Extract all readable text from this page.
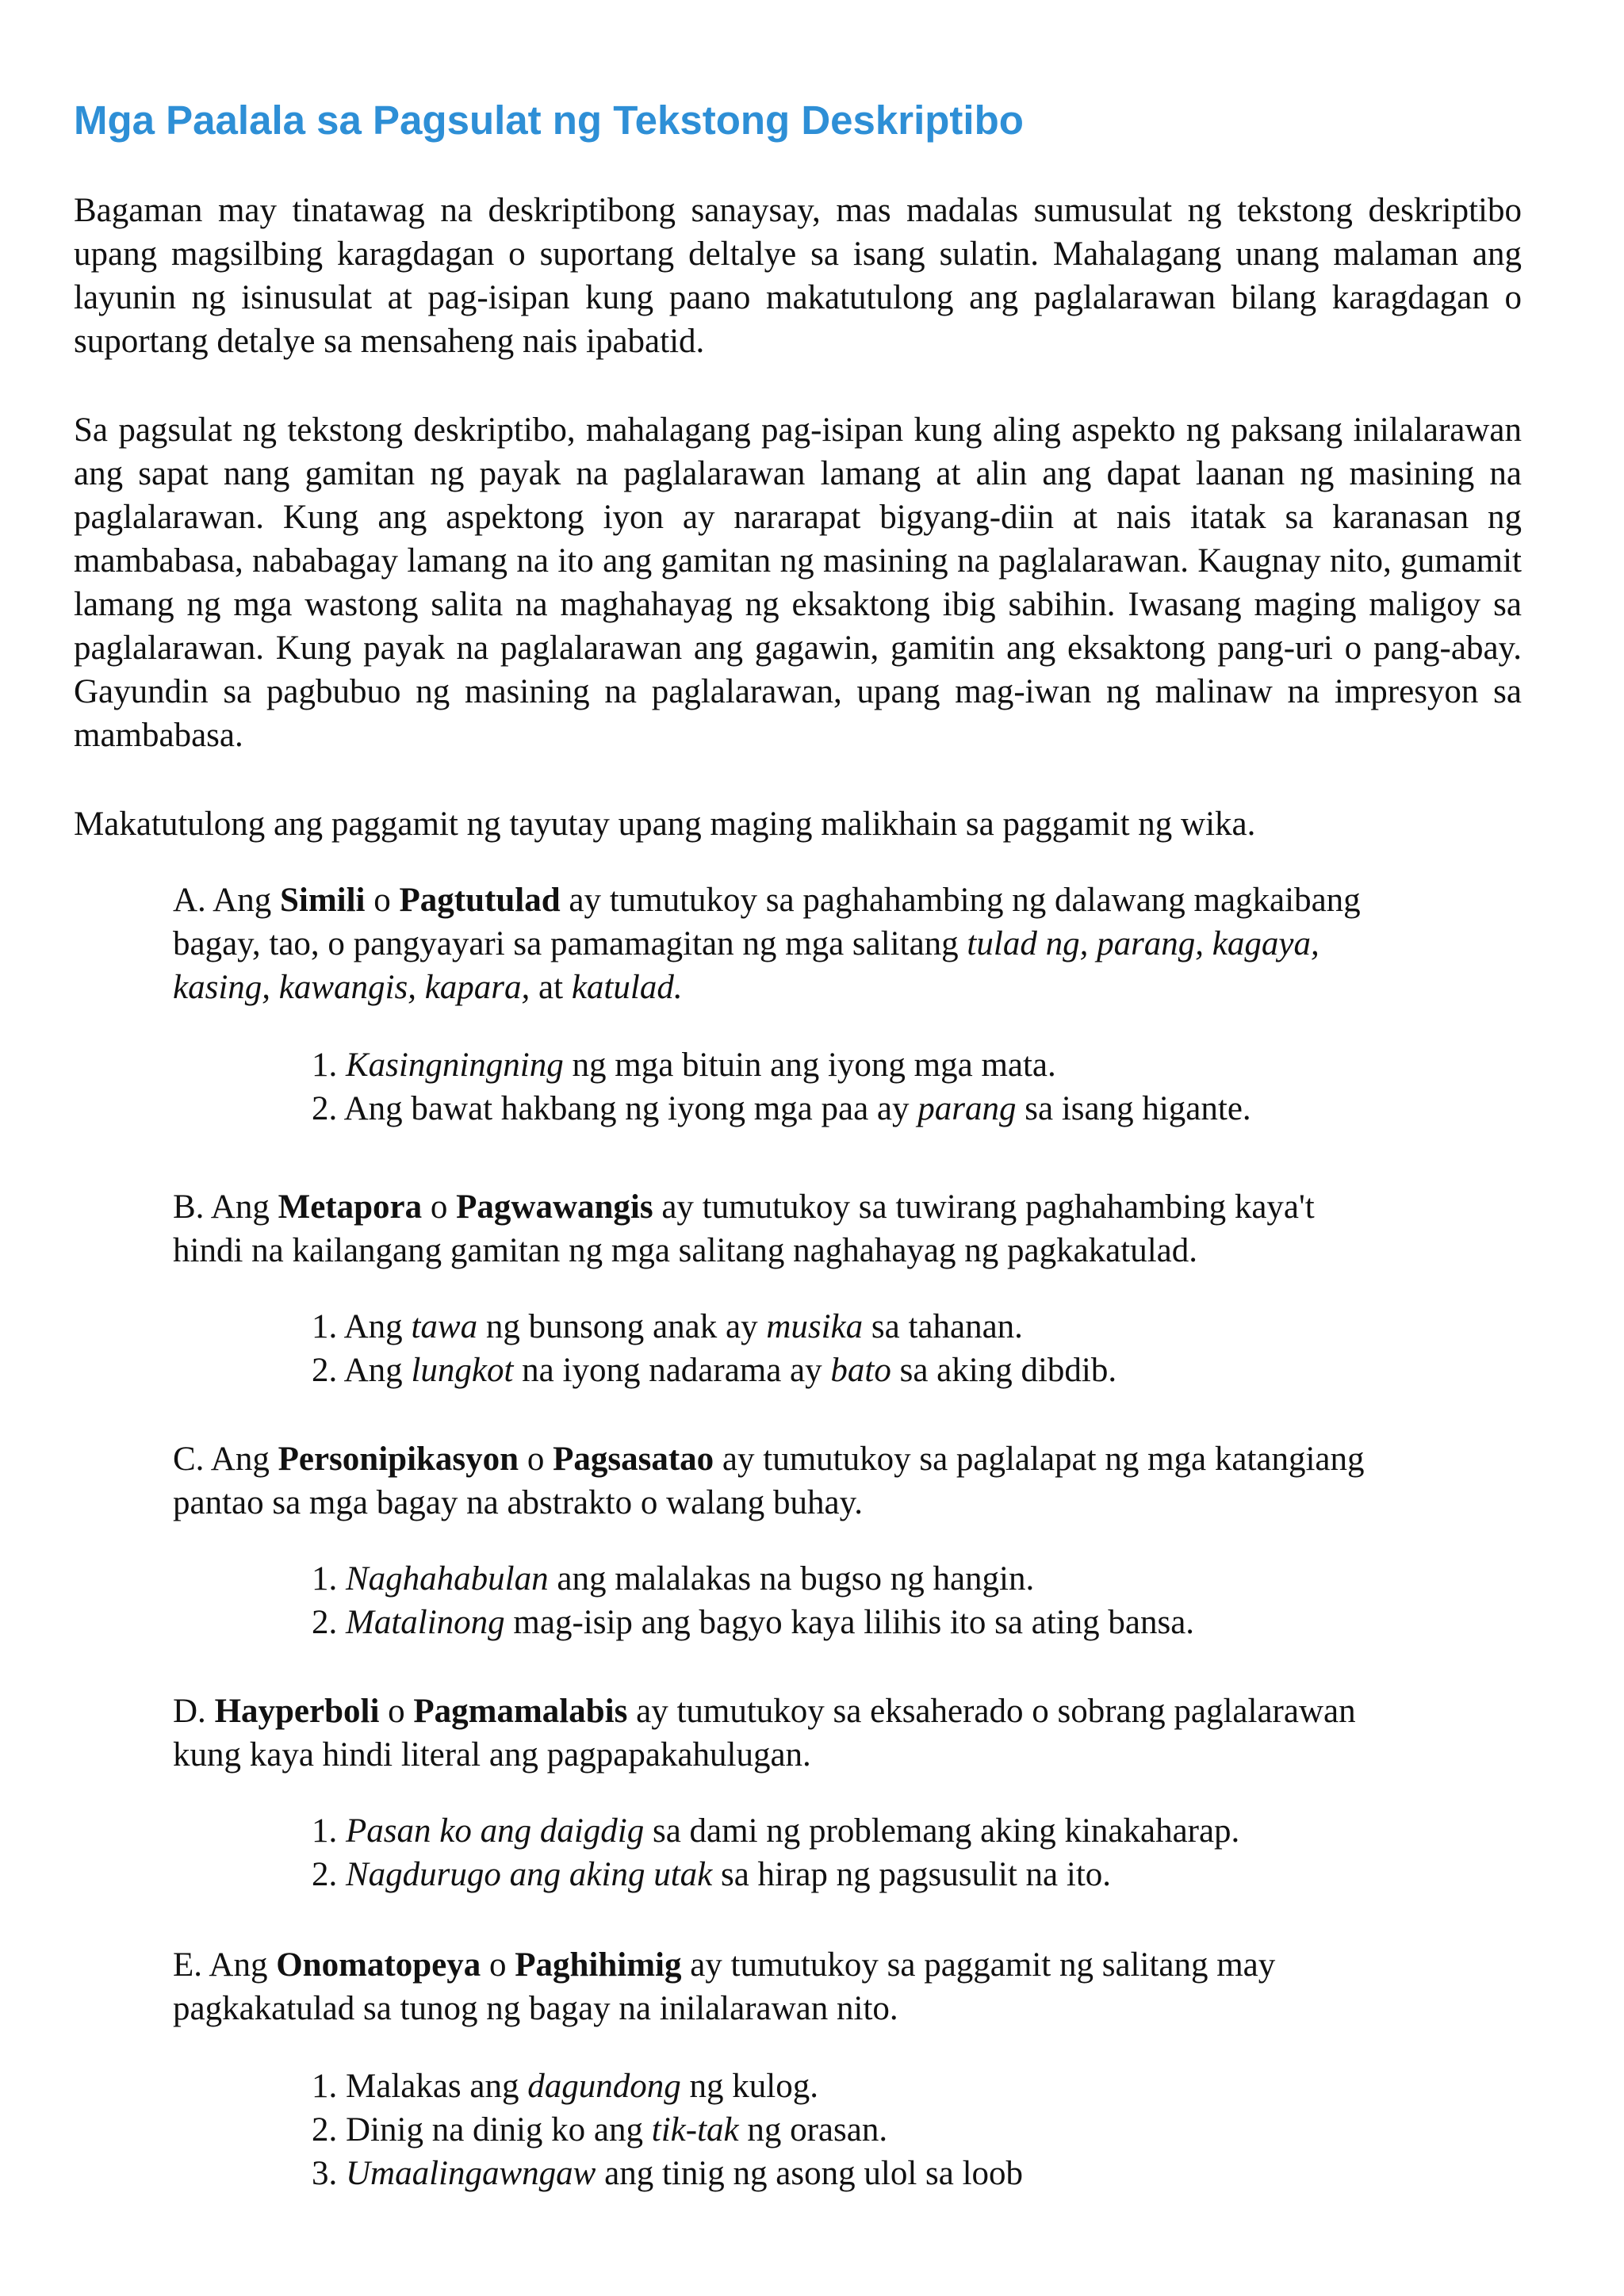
Mga Paalala sa Pagsulat ng Tekstong Deskriptibo

Bagaman may tinatawag na deskriptibong sanaysay, mas madalas sumusulat ng tekstong deskriptibo upang magsilbing karagdagan o suportang deltalye sa isang sulatin. Mahalagang unang malaman ang layunin ng isinusulat at pag-isipan kung paano makatutulong ang paglalarawan bilang karagdagan o suportang detalye sa mensaheng nais ipabatid.

Sa pagsulat ng tekstong deskriptibo, mahalagang pag-isipan kung aling aspekto ng paksang inilalarawan ang sapat nang gamitan ng payak na paglalarawan lamang at alin ang dapat laanan ng masining na paglalarawan. Kung ang aspektong iyon ay nararapat bigyang-diin at nais itatak sa karanasan ng mambabasa, nababagay lamang na ito ang gamitan ng masining na paglalarawan. Kaugnay nito, gumamit lamang ng mga wastong salita na maghahayag ng eksaktong ibig sabihin. Iwasang maging maligoy sa paglalarawan. Kung payak na paglalarawan ang gagawin, gamitin ang eksaktong pang-uri o pang-abay. Gayundin sa pagbubuo ng masining na paglalarawan, upang mag-iwan ng malinaw na impresyon sa mambabasa.

Makatutulong ang paggamit ng tayutay upang maging malikhain sa paggamit ng wika.

A. Ang Simili o Pagtutulad ay tumutukoy sa paghahambing ng dalawang magkaibang

bagay, tao, o pangyayari sa pamamagitan ng mga salitang tulad ng, parang, kagaya,

kasing, kawangis, kapara, at katulad.

1. Kasingningning ng mga bituin ang iyong mga mata.

2. Ang bawat hakbang ng iyong mga paa ay parang sa isang higante.

B. Ang Metapora o Pagwawangis ay tumutukoy sa tuwirang paghahambing kaya't

hindi na kailangang gamitan ng mga salitang naghahayag ng pagkakatulad.

1. Ang tawa ng bunsong anak ay musika sa tahanan.

2. Ang lungkot na iyong nadarama ay bato sa aking dibdib.

C. Ang Personipikasyon o Pagsasatao ay tumutukoy sa paglalapat ng mga katangiang

pantao sa mga bagay na abstrakto o walang buhay.

1. Naghahabulan ang malalakas na bugso ng hangin.

2. Matalinong mag-isip ang bagyo kaya lilihis ito sa ating bansa.

D. Hayperboli o Pagmamalabis ay tumutukoy sa eksaherado o sobrang paglalarawan

kung kaya hindi literal ang pagpapakahulugan.

1. Pasan ko ang daigdig sa dami ng problemang aking kinakaharap.

2. Nagdurugo ang aking utak sa hirap ng pagsusulit na ito.

E. Ang Onomatopeya o Paghihimig ay tumutukoy sa paggamit ng salitang may

pagkakatulad sa tunog ng bagay na inilalarawan nito.

1. Malakas ang dagundong ng kulog.

2. Dinig na dinig ko ang tik-tak ng orasan.

3. Umaalingawngaw ang tinig ng asong ulol sa loob
